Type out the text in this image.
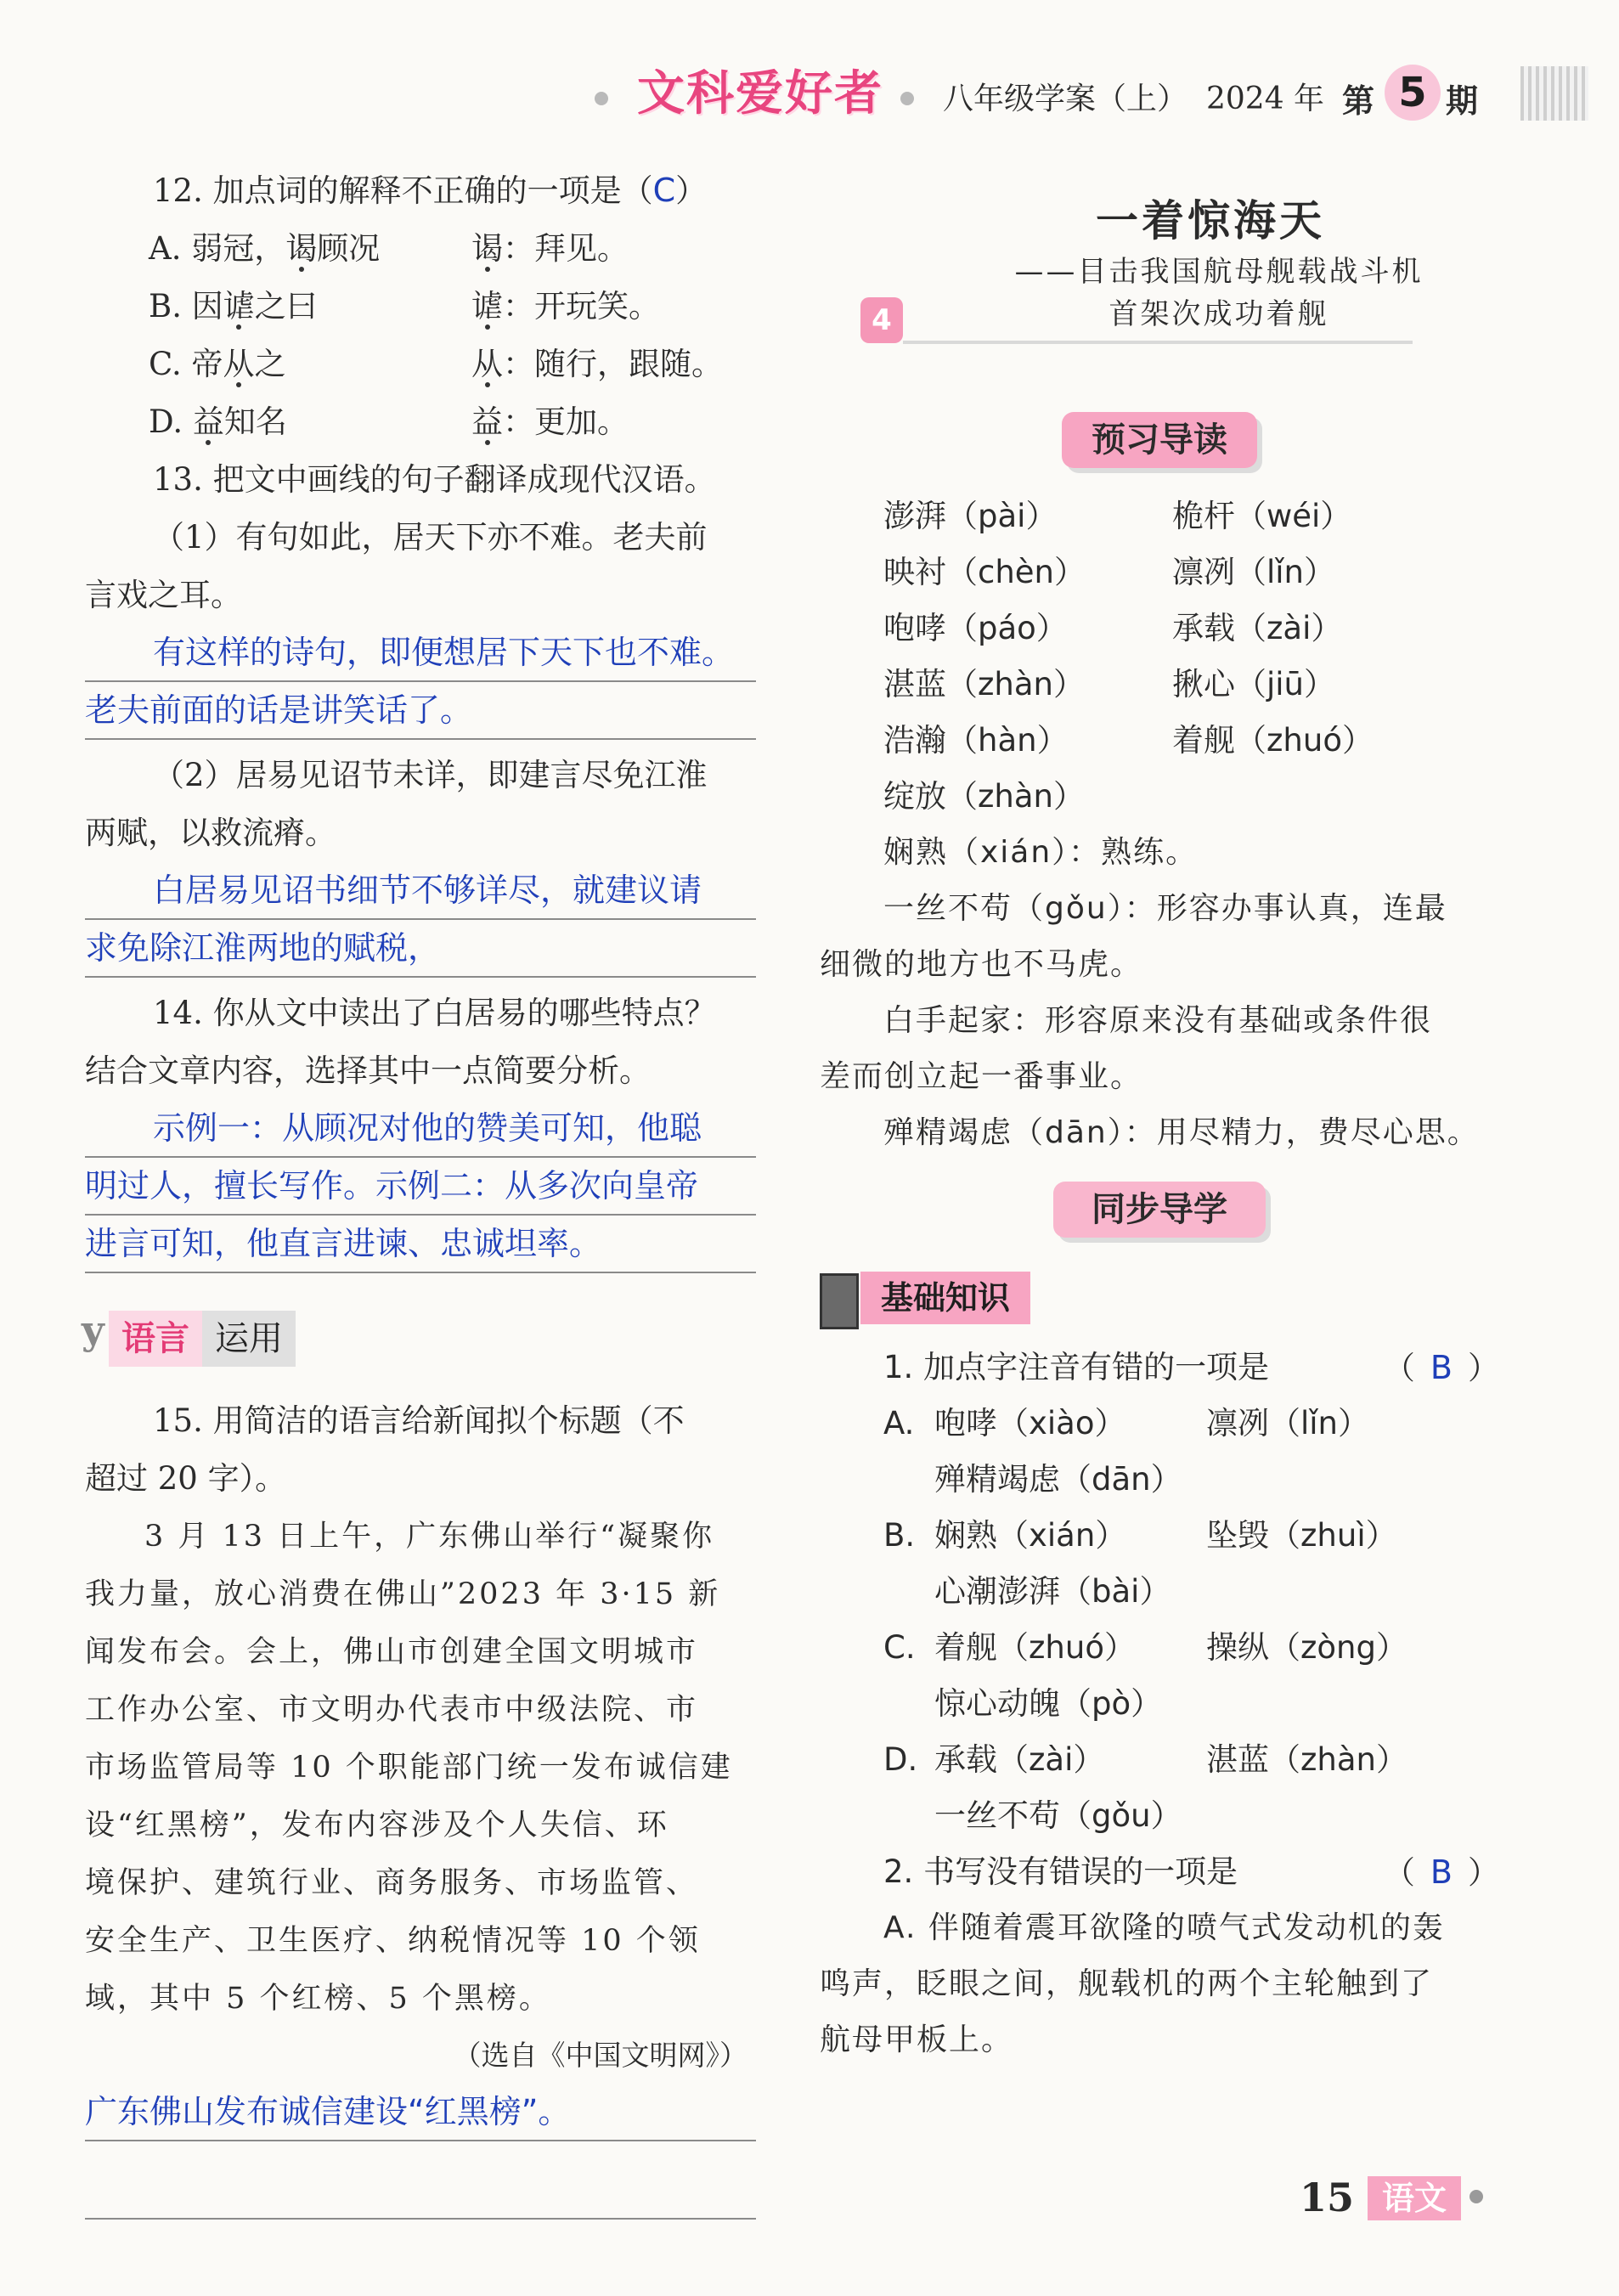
文科爱好者 八年级学案（上） 2024 年 第 5 期
12. 加点词的解释不正确的一项是（C）
A. 弱冠，谒顾况	谒：拜见。
B. 因谑之曰	谑：开玩笑。
C. 帝从之	从：随行，跟随。
D. 益知名	益：更加。
13. 把文中画线的句子翻译成现代汉语。
（1）有句如此，居天下亦不难。老夫前
言戏之耳。
有这样的诗句，即便想居下天下也不难。
老夫前面的话是讲笑话了。
（2）居易见诏节未详，即建言尽免江淮
两赋，以救流瘠。
白居易见诏书细节不够详尽，就建议请
求免除江淮两地的赋税，
14. 你从文中读出了白居易的哪些特点？
结合文章内容，选择其中一点简要分析。
示例一：从顾况对他的赞美可知，他聪
明过人，擅长写作。示例二：从多次向皇帝
进言可知，他直言进谏、忠诚坦率。
y 语言 运用
15. 用简洁的语言给新闻拟个标题（不
超过 20 字）。
3 月 13 日上午，广东佛山举行“凝聚你
我力量，放心消费在佛山”2023 年 3·15 新
闻发布会。会上，佛山市创建全国文明城市
工作办公室、市文明办代表市中级法院、市
市场监管局等 10 个职能部门统一发布诚信建
设“红黑榜”，发布内容涉及个人失信、环
境保护、建筑行业、商务服务、市场监管、
安全生产、卫生医疗、纳税情况等 10 个领
域，其中 5 个红榜、5 个黑榜。
（选自《中国文明网》）
广东佛山发布诚信建设“红黑榜”。
一着惊海天
——目击我国航母舰载战斗机
首架次成功着舰
4
预习导读
澎湃（pài）	桅杆（wéi）
映衬（chèn）	凛冽（lǐn）
咆哮（páo）	承载（zài）
湛蓝（zhàn）	揪心（jiū）
浩瀚（hàn）	着舰（zhuó）
绽放（zhàn）
娴熟（xián）：熟练。
一丝不苟（gǒu）：形容办事认真，连最
细微的地方也不马虎。
白手起家：形容原来没有基础或条件很
差而创立起一番事业。
殚精竭虑（dān）：用尽精力，费尽心思。
同步导学
基础知识
1. 加点字注音有错的一项是	（ B ）
A. 咆哮（xiào）	凛冽（lǐn）
殚精竭虑（dān）
B. 娴熟（xián）	坠毁（zhuì）
心潮澎湃（bài）
C. 着舰（zhuó） 操纵（zòng）
惊心动魄（pò）
D. 承载（zài）	湛蓝（zhàn）
一丝不苟（gǒu）
2. 书写没有错误的一项是	（ B ）
A. 伴随着震耳欲隆的喷气式发动机的轰
鸣声，眨眼之间，舰载机的两个主轮触到了
航母甲板上。
15 语文
